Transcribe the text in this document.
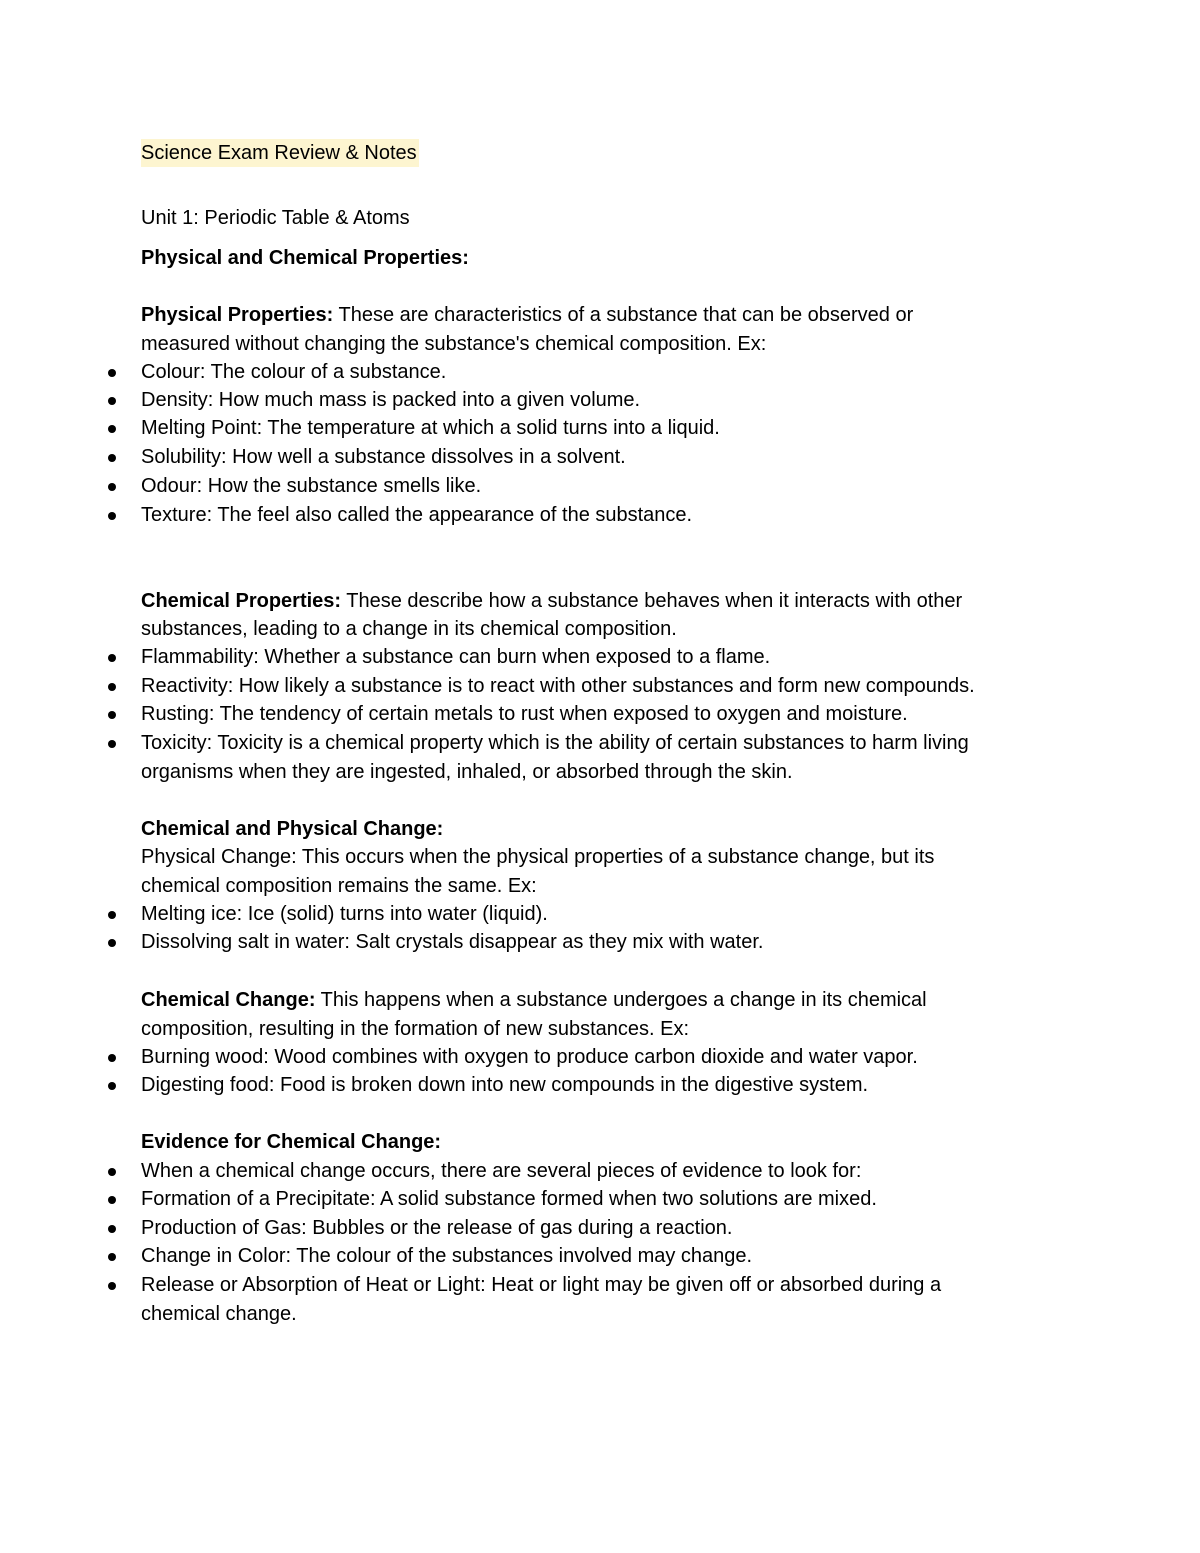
Science Exam Review & Notes
Unit 1: Periodic Table & Atoms
Physical and Chemical Properties:
Physical Properties: These are characteristics of a substance that can be observed or
measured without changing the substance's chemical composition. Ex:
Colour: The colour of a substance.
Density: How much mass is packed into a given volume.
Melting Point: The temperature at which a solid turns into a liquid.
Solubility: How well a substance dissolves in a solvent.
Odour: How the substance smells like.
Texture: The feel also called the appearance of the substance.
Chemical Properties: These describe how a substance behaves when it interacts with other
substances, leading to a change in its chemical composition.
Flammability: Whether a substance can burn when exposed to a flame.
Reactivity: How likely a substance is to react with other substances and form new compounds.
Rusting: The tendency of certain metals to rust when exposed to oxygen and moisture.
Toxicity: Toxicity is a chemical property which is the ability of certain substances to harm living
organisms when they are ingested, inhaled, or absorbed through the skin.
Chemical and Physical Change:
Physical Change: This occurs when the physical properties of a substance change, but its
chemical composition remains the same. Ex:
Melting ice: Ice (solid) turns into water (liquid).
Dissolving salt in water: Salt crystals disappear as they mix with water.
Chemical Change: This happens when a substance undergoes a change in its chemical
composition, resulting in the formation of new substances. Ex:
Burning wood: Wood combines with oxygen to produce carbon dioxide and water vapor.
Digesting food: Food is broken down into new compounds in the digestive system.
Evidence for Chemical Change:
When a chemical change occurs, there are several pieces of evidence to look for:
Formation of a Precipitate: A solid substance formed when two solutions are mixed.
Production of Gas: Bubbles or the release of gas during a reaction.
Change in Color: The colour of the substances involved may change.
Release or Absorption of Heat or Light: Heat or light may be given off or absorbed during a
chemical change.
